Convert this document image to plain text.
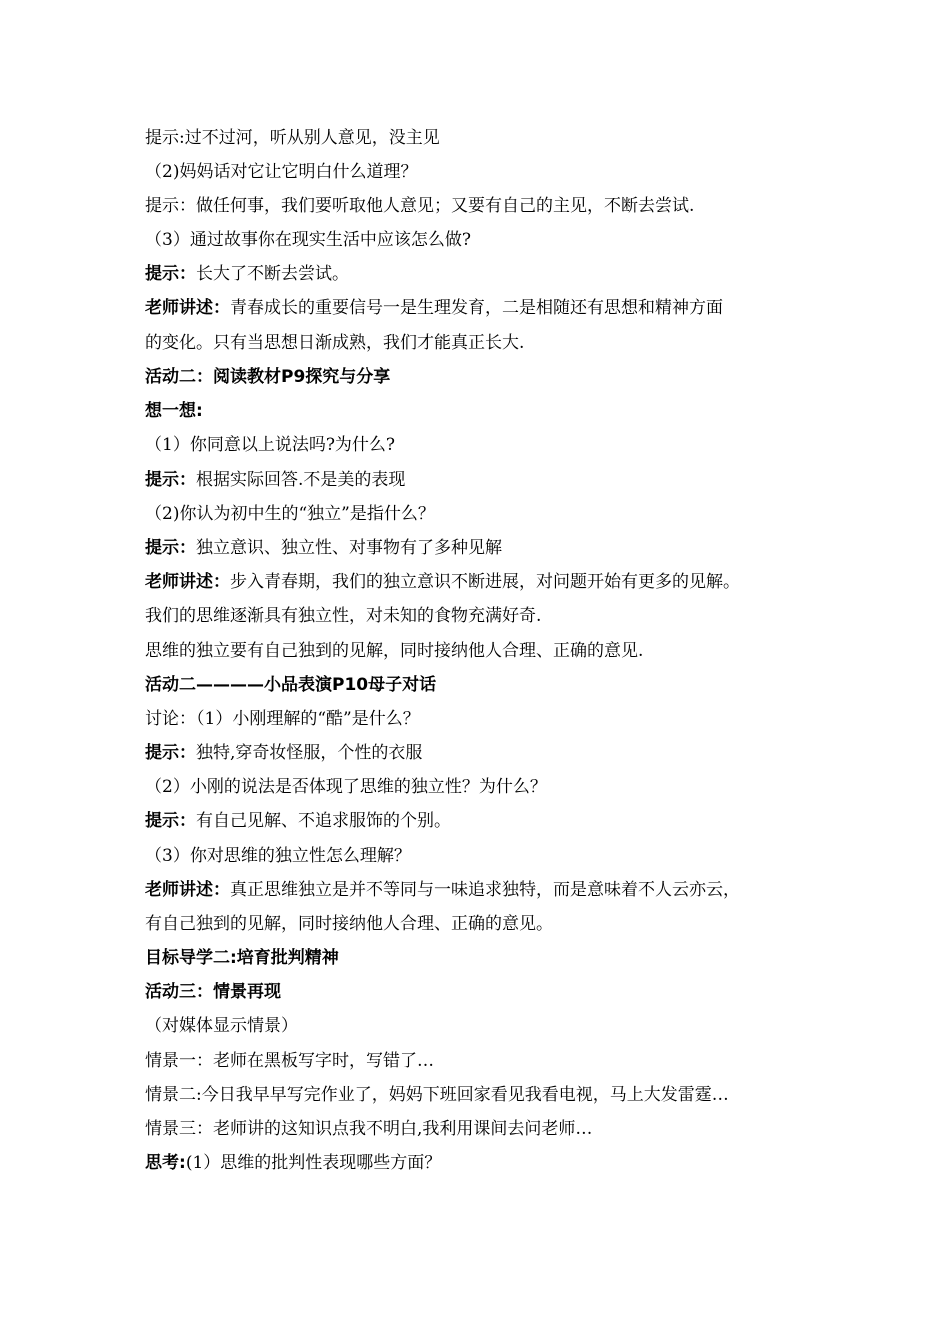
提示:过不过河，听从别人意见，没主见
（2)妈妈话对它让它明白什么道理？
提示：做任何事，我们要听取他人意见；又要有自己的主见，不断去尝试.
（3）通过故事你在现实生活中应该怎么做?
提示：长大了不断去尝试。
老师讲述：青春成长的重要信号一是生理发育，二是相随还有思想和精神方面
的变化。只有当思想日渐成熟，我们才能真正长大.
活动二：阅读教材P9探究与分享
想一想:
（1）你同意以上说法吗?为什么?
提示：根据实际回答.不是美的表现
（2)你认为初中生的“独立”是指什么？
提示：独立意识、独立性、对事物有了多种见解
老师讲述：步入青春期，我们的独立意识不断进展，对问题开始有更多的见解。
我们的思维逐渐具有独立性，对未知的食物充满好奇.
思维的独立要有自己独到的见解，同时接纳他人合理、正确的意见.
活动二————小品表演P10母子对话
讨论：（1）小刚理解的“酷”是什么？
提示：独特,穿奇妆怪服，个性的衣服
（2）小刚的说法是否体现了思维的独立性？为什么？
提示：有自己见解、不追求服饰的个别。
（3）你对思维的独立性怎么理解？
老师讲述：真正思维独立是并不等同与一味追求独特，而是意味着不人云亦云，
有自己独到的见解，同时接纳他人合理、正确的意见。
目标导学二:培育批判精神
活动三：情景再现
（对媒体显示情景）
情景一：老师在黑板写字时，写错了…
情景二:今日我早早写完作业了，妈妈下班回家看见我看电视，马上大发雷霆…
情景三：老师讲的这知识点我不明白,我利用课间去问老师…
思考:(1）思维的批判性表现哪些方面？
